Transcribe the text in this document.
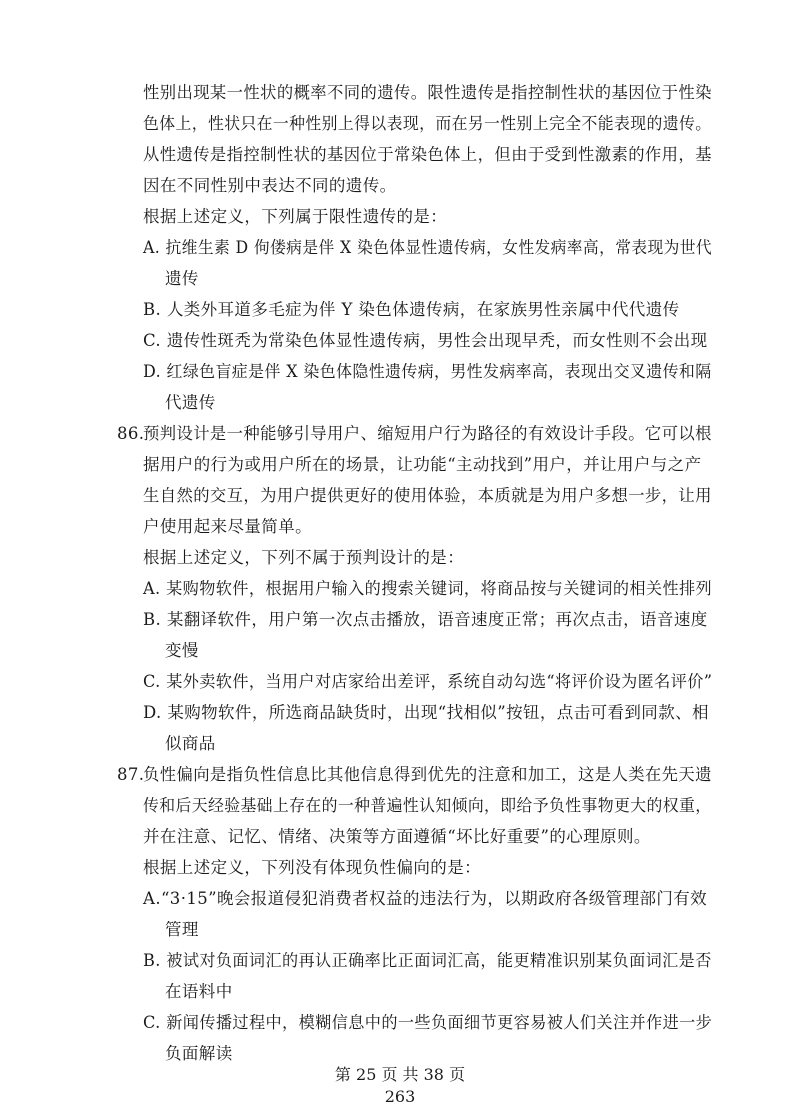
性别出现某一性状的概率不同的遗传。限性遗传是指控制性状的基因位于性染
色体上，性状只在一种性别上得以表现，而在另一性别上完全不能表现的遗传。
从性遗传是指控制性状的基因位于常染色体上，但由于受到性激素的作用，基
因在不同性别中表达不同的遗传。
根据上述定义，下列属于限性遗传的是：
A. 抗维生素 D 佝偻病是伴 X 染色体显性遗传病，女性发病率高，常表现为世代
遗传
B. 人类外耳道多毛症为伴 Y 染色体遗传病，在家族男性亲属中代代遗传
C. 遗传性斑秃为常染色体显性遗传病，男性会出现早秃，而女性则不会出现
D. 红绿色盲症是伴 X 染色体隐性遗传病，男性发病率高，表现出交叉遗传和隔
代遗传
86.
预判设计是一种能够引导用户、缩短用户行为路径的有效设计手段。它可以根
据用户的行为或用户所在的场景，让功能“主动找到”用户，并让用户与之产
生自然的交互，为用户提供更好的使用体验，本质就是为用户多想一步，让用
户使用起来尽量简单。
根据上述定义，下列不属于预判设计的是：
A. 某购物软件，根据用户输入的搜索关键词，将商品按与关键词的相关性排列
B. 某翻译软件，用户第一次点击播放，语音速度正常；再次点击，语音速度
变慢
C. 某外卖软件，当用户对店家给出差评，系统自动勾选“将评价设为匿名评价”
D. 某购物软件，所选商品缺货时，出现“找相似”按钮，点击可看到同款、相
似商品
87.
负性偏向是指负性信息比其他信息得到优先的注意和加工，这是人类在先天遗
传和后天经验基础上存在的一种普遍性认知倾向，即给予负性事物更大的权重，
并在注意、记忆、情绪、决策等方面遵循“坏比好重要”的心理原则。
根据上述定义，下列没有体现负性偏向的是：
A.“3·15”晚会报道侵犯消费者权益的违法行为，以期政府各级管理部门有效
管理
B. 被试对负面词汇的再认正确率比正面词汇高，能更精准识别某负面词汇是否
在语料中
C. 新闻传播过程中，模糊信息中的一些负面细节更容易被人们关注并作进一步
负面解读
第 25 页 共 38 页
263
